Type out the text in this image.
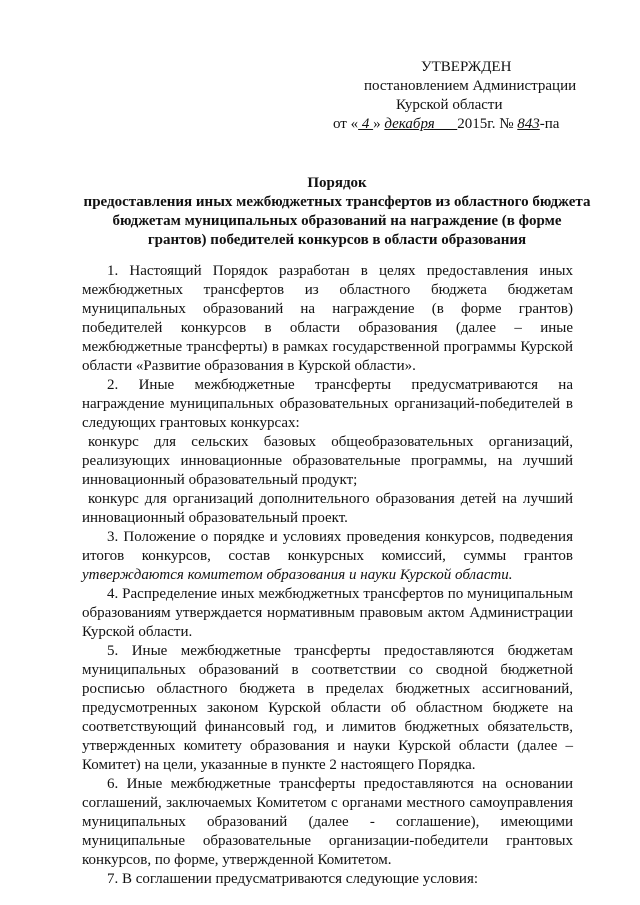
УТВЕРЖДЕН
постановлением Администрации
Курской области
от « 4 » декабря      2015г. № 843-па
Порядок
предоставления иных межбюджетных трансфертов из областного бюджета бюджетам муниципальных образований на награждение (в форме грантов) победителей конкурсов в области образования

1. Настоящий Порядок разработан в целях предоставления иных межбюджетных трансфертов из областного бюджета бюджетам муниципальных образований на награждение (в форме грантов) победителей конкурсов в области образования (далее – иные межбюджетные трансферты) в рамках государственной программы Курской области «Развитие образования в Курской области».

2. Иные межбюджетные трансферты предусматриваются на награждение муниципальных образовательных организаций-победителей в следующих грантовых конкурсах:

конкурс для сельских базовых общеобразовательных организаций, реализующих инновационные образовательные программы, на лучший инновационный образовательный продукт;

конкурс для организаций дополнительного образования детей на лучший инновационный образовательный проект.

3. Положение о порядке и условиях проведения конкурсов, подведения итогов конкурсов, состав конкурсных комиссий, суммы грантов утверждаются комитетом образования и науки Курской области.

4. Распределение иных межбюджетных трансфертов по муниципальным образованиям утверждается нормативным правовым актом Администрации Курской области.

5. Иные межбюджетные трансферты предоставляются бюджетам муниципальных образований в соответствии со сводной бюджетной росписью областного бюджета в пределах бюджетных ассигнований, предусмотренных законом Курской области об областном бюджете на соответствующий финансовый год, и лимитов бюджетных обязательств, утвержденных комитету образования и науки Курской области (далее – Комитет) на цели, указанные в пункте 2 настоящего Порядка.

6. Иные межбюджетные трансферты предоставляются на основании соглашений, заключаемых Комитетом с органами местного самоуправления муниципальных образований (далее - соглашение), имеющими муниципальные образовательные организации-победители грантовых конкурсов, по форме, утвержденной Комитетом.

7. В соглашении предусматриваются следующие условия:
